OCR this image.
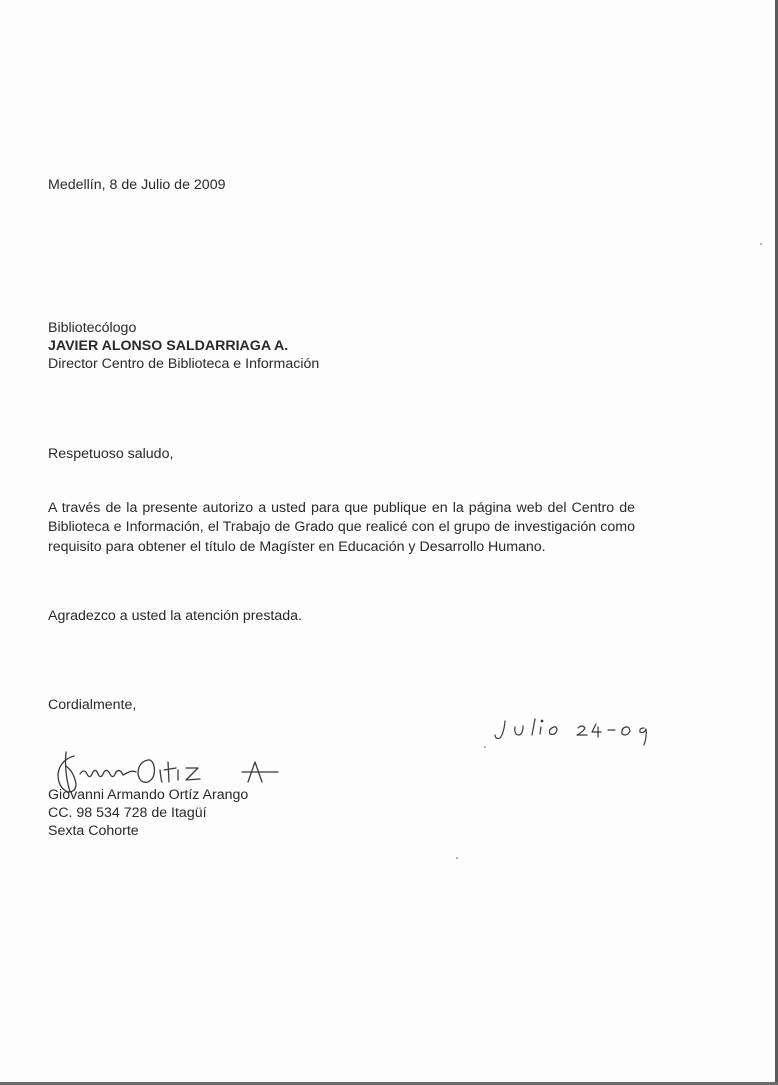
Medellín, 8 de Julio de 2009
Bibliotecólogo
JAVIER ALONSO SALDARRIAGA A.
Director Centro de Biblioteca e Información
Respetuoso saludo,
A través de la presente autorizo a usted para que publique en la página web del Centro de Biblioteca e Información, el Trabajo de Grado que realicé con el grupo de investigación como requisito para obtener el título de Magíster en Educación y Desarrollo Humano.
Agradezco a usted la atención prestada.
Cordialmente,
Giovanni Armando Ortíz Arango
CC. 98 534 728 de Itagüí
Sexta Cohorte
